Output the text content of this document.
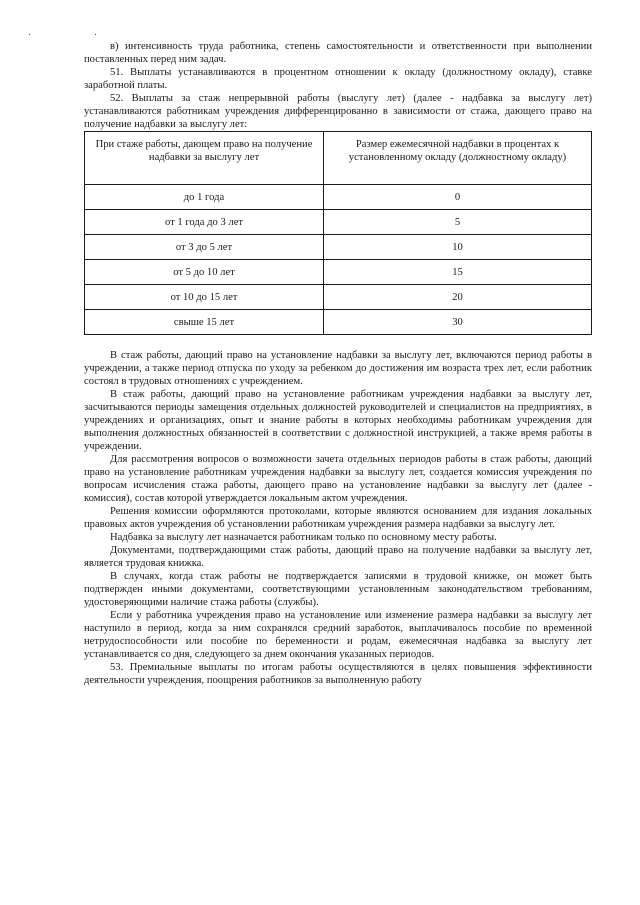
· ·

в) интенсивность труда работника, степень самостоятельности и ответственности при выполнении поставленных перед ним задач.

51. Выплаты устанавливаются в процентном отношении к окладу (должностному окладу), ставке заработной платы.

52. Выплаты за стаж непрерывной работы (выслугу лет) (далее - надбавка за выслугу лет) устанавливаются работникам учреждения дифференцированно в зависимости от стажа, дающего право на получение надбавки за выслугу лет:

При стаже работы, дающем право на получение надбавки за выслугу лет	Размер ежемесячной надбавки в процентах к установленному окладу (должностному окладу)
до 1 года	0
от 1 года до 3 лет	5
от 3 до 5 лет	10
от 5 до 10 лет	15
от 10 до 15 лет	20
свыше 15 лет	30

В стаж работы, дающий право на установление надбавки за выслугу лет, включаются период работы в учреждении, а также период отпуска по уходу за ребенком до достижения им возраста трех лет, если работник состоял в трудовых отношениях с учреждением.

В стаж работы, дающий право на установление работникам учреждения надбавки за выслугу лет, засчитываются периоды замещения отдельных должностей руководителей и специалистов на предприятиях, в учреждениях и организациях, опыт и знание работы в которых необходимы работникам учреждения для выполнения должностных обязанностей в соответствии с должностной инструкцией, а также время работы в учреждении.

Для рассмотрения вопросов о возможности зачета отдельных периодов работы в стаж работы, дающий право на установление работникам учреждения надбавки за выслугу лет, создается комиссия учреждения по вопросам исчисления стажа работы, дающего право на установление надбавки за выслугу лет (далее - комиссия), состав которой утверждается локальным актом учреждения.

Решения комиссии оформляются протоколами, которые являются основанием для издания локальных правовых актов учреждения об установлении работникам учреждения размера надбавки за выслугу лет.

Надбавка за выслугу лет назначается работникам только по основному месту работы.

Документами, подтверждающими стаж работы, дающий право на получение надбавки за выслугу лет, является трудовая книжка.

В случаях, когда стаж работы не подтверждается записями в трудовой книжке, он может быть подтвержден иными документами, соответствующими установленным законодательством требованиям, удостоверяющими наличие стажа работы (службы).

Если у работника учреждения право на установление или изменение размера надбавки за выслугу лет наступило в период, когда за ним сохранялся средний заработок, выплачивалось пособие по временной нетрудоспособности или пособие по беременности и родам, ежемесячная надбавка за выслугу лет устанавливается со дня, следующего за днем окончания указанных периодов.

53. Премиальные выплаты по итогам работы осуществляются в целях повышения эффективности деятельности учреждения, поощрения работников за выполненную работу
